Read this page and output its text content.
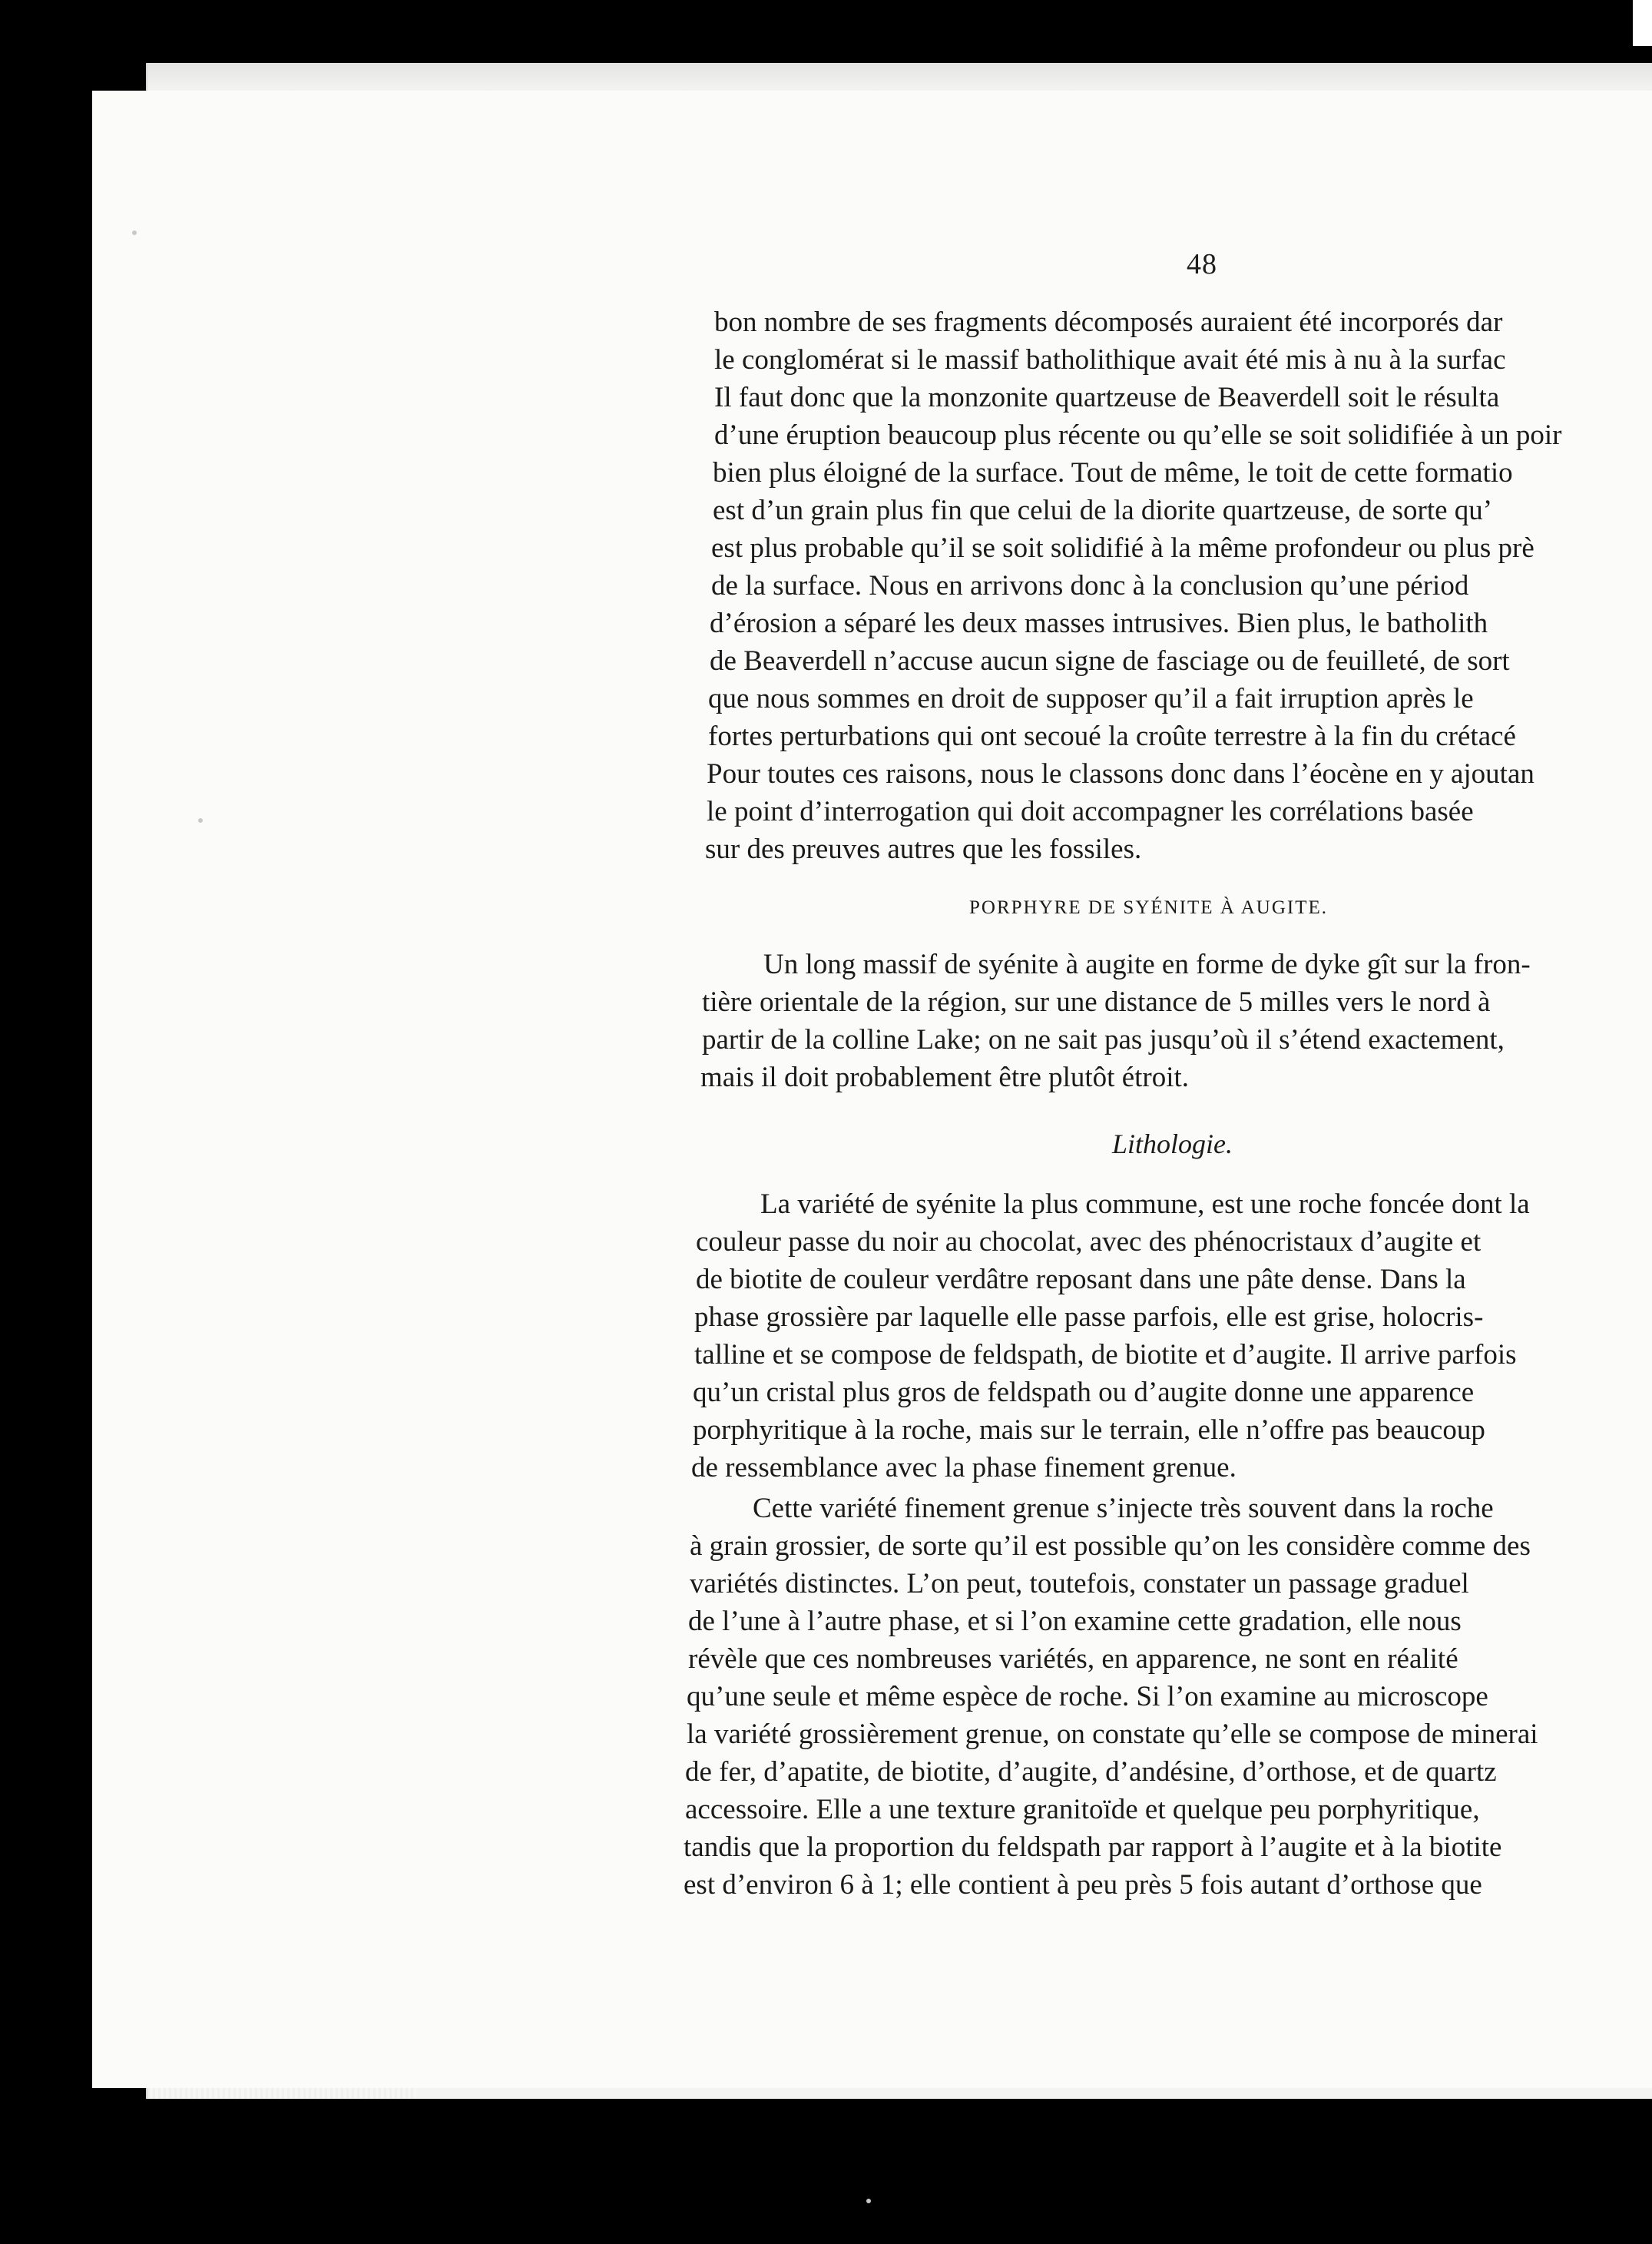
48
bon nombre de ses fragments décomposés auraient été incorporés dar
le conglomérat si le massif batholithique avait été mis à nu à la surfac
Il faut donc que la monzonite quartzeuse de Beaverdell soit le résulta
d’une éruption beaucoup plus récente ou qu’elle se soit solidifiée à un poir
bien plus éloigné de la surface. Tout de même, le toit de cette formatio
est d’un grain plus fin que celui de la diorite quartzeuse, de sorte qu’
est plus probable qu’il se soit solidifié à la même profondeur ou plus prè
de la surface. Nous en arrivons donc à la conclusion qu’une périod
d’érosion a séparé les deux masses intrusives. Bien plus, le batholith
de Beaverdell n’accuse aucun signe de fasciage ou de feuilleté, de sort
que nous sommes en droit de supposer qu’il a fait irruption après le
fortes perturbations qui ont secoué la croûte terrestre à la fin du crétacé
Pour toutes ces raisons, nous le classons donc dans l’éocène en y ajoutan
le point d’interrogation qui doit accompagner les corrélations basée
sur des preuves autres que les fossiles.
PORPHYRE DE SYÉNITE À AUGITE.
Un long massif de syénite à augite en forme de dyke gît sur la fron-
tière orientale de la région, sur une distance de 5 milles vers le nord à
partir de la colline Lake; on ne sait pas jusqu’où il s’étend exactement,
mais il doit probablement être plutôt étroit.
Lithologie.
La variété de syénite la plus commune, est une roche foncée dont la
couleur passe du noir au chocolat, avec des phénocristaux d’augite et
de biotite de couleur verdâtre reposant dans une pâte dense. Dans la
phase grossière par laquelle elle passe parfois, elle est grise, holocris-
talline et se compose de feldspath, de biotite et d’augite. Il arrive parfois
qu’un cristal plus gros de feldspath ou d’augite donne une apparence
porphyritique à la roche, mais sur le terrain, elle n’offre pas beaucoup
de ressemblance avec la phase finement grenue.
Cette variété finement grenue s’injecte très souvent dans la roche
à grain grossier, de sorte qu’il est possible qu’on les considère comme des
variétés distinctes. L’on peut, toutefois, constater un passage graduel
de l’une à l’autre phase, et si l’on examine cette gradation, elle nous
révèle que ces nombreuses variétés, en apparence, ne sont en réalité
qu’une seule et même espèce de roche. Si l’on examine au microscope
la variété grossièrement grenue, on constate qu’elle se compose de minerai
de fer, d’apatite, de biotite, d’augite, d’andésine, d’orthose, et de quartz
accessoire. Elle a une texture granitoïde et quelque peu porphyritique,
tandis que la proportion du feldspath par rapport à l’augite et à la biotite
est d’environ 6 à 1; elle contient à peu près 5 fois autant d’orthose que
